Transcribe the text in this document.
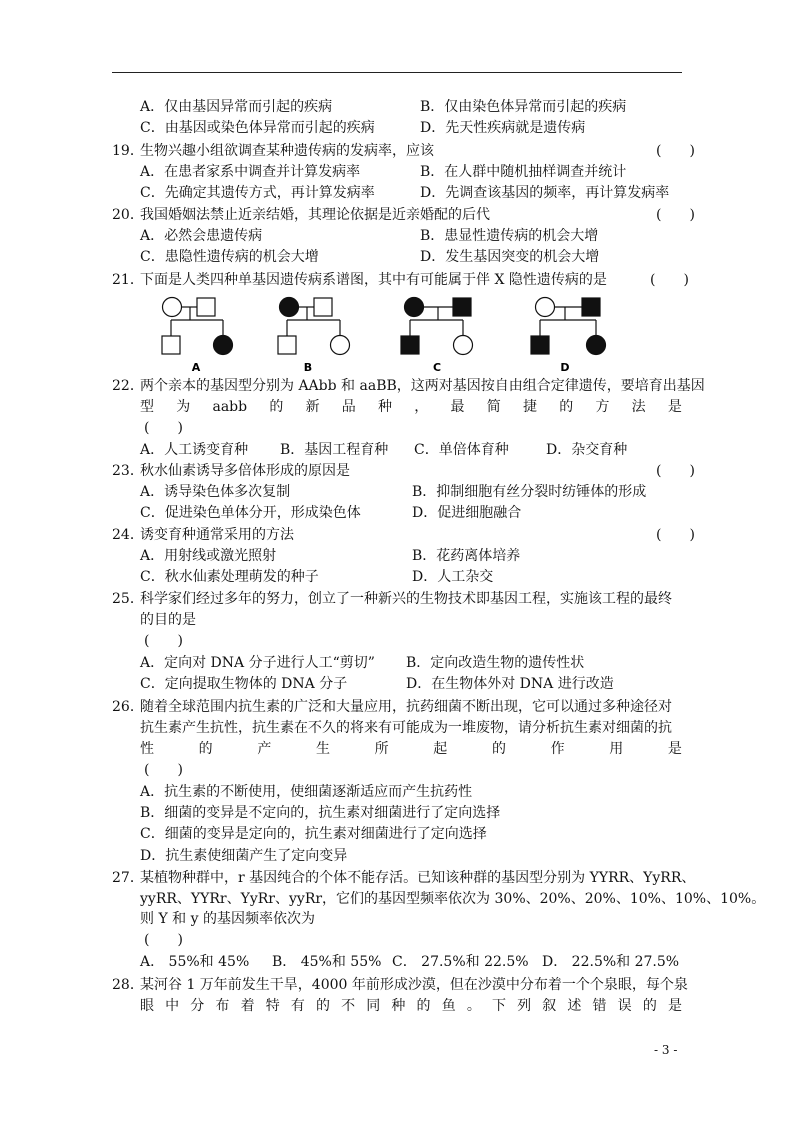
A．仅由基因异常而引起的疾病	B．仅由染色体异常而引起的疾病
C．由基因或染色体异常而引起的疾病	D．先天性疾病就是遗传病
19．
生物兴趣小组欲调查某种遗传病的发病率，应该	(　　)
A．在患者家系中调查并计算发病率	B．在人群中随机抽样调查并统计
C．先确定其遗传方式，再计算发病率	D．先调查该基因的频率，再计算发病率
20．
我国婚姻法禁止近亲结婚，其理论依据是近亲婚配的后代	(　　)
A．必然会患遗传病	B．患显性遗传病的机会大增
C．患隐性遗传病的机会大增	D．发生基因突变的机会大增
21．
下面是人类四种单基因遗传病系谱图，其中有可能属于伴 X 隐性遗传病的是	(　　)
A	B	C	D
22．
两个亲本的基因型分别为 AAbb 和 aaBB，这两对基因按自由组合定律遗传，要培育出基因
型 为 aabb 的 新 品 种 ， 最 简 捷 的 方 法 是
(　　)
A．人工诱变育种 B．基因工程育种 C．单倍体育种	D．杂交育种
23．
秋水仙素诱导多倍体形成的原因是	(　　)
A．诱导染色体多次复制	B．抑制细胞有丝分裂时纺锤体的形成
C．促进染色单体分开，形成染色体	D．促进细胞融合
24．
诱变育种通常采用的方法	(　　)
A．用射线或激光照射	B．花药离体培养
C．秋水仙素处理萌发的种子	D．人工杂交
25．
科学家们经过多年的努力，创立了一种新兴的生物技术即基因工程，实施该工程的最终
的目的是
(　　)
A．定向对 DNA 分子进行人工“剪切” B．定向改造生物的遗传性状
C．定向提取生物体的 DNA 分子	D．在生物体外对 DNA 进行改造
26．
随着全球范围内抗生素的广泛和大量应用，抗药细菌不断出现，它可以通过多种途径对
抗生素产生抗性，抗生素在不久的将来有可能成为一堆废物，请分析抗生素对细菌的抗
性	的	产	生	所	起	的	作	用	是
(　　)
A．抗生素的不断使用，使细菌逐渐适应而产生抗药性
B．细菌的变异是不定向的，抗生素对细菌进行了定向选择
C．细菌的变异是定向的，抗生素对细菌进行了定向选择
D．抗生素使细菌产生了定向变异
27．
某植物种群中，r 基因纯合的个体不能存活。已知该种群的基因型分别为 YYRR、YyRR、
yyRR、YYRr、YyRr、yyRr，它们的基因型频率依次为 30%、20%、20%、10%、10%、10%。
则 Y 和 y 的基因频率依次为
(　　)
A． 55%和 45% B． 45%和 55% C． 27.5%和 22.5% D． 22.5%和 27.5%
28．
某河谷 1 万年前发生干旱，4000 年前形成沙漠，但在沙漠中分布着一个个泉眼，每个泉
眼 中 分 布 着 特 有 的 不 同 种 的 鱼 。 下 列 叙 述 错 误 的 是
- 3 -
